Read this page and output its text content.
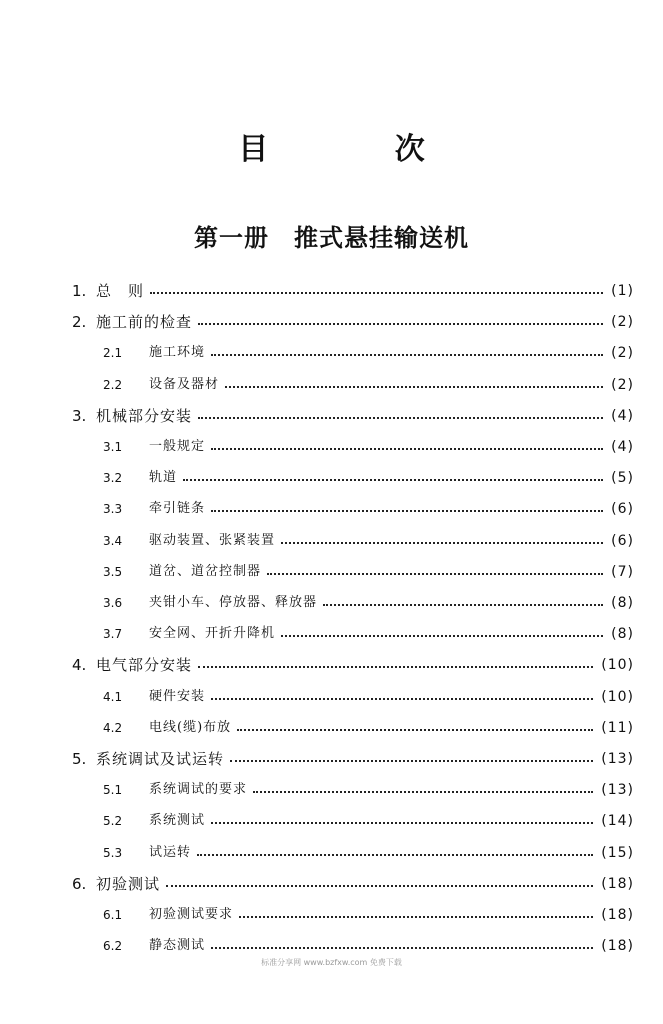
目 次
第一册　推式悬挂输送机
1. 总　则	(1)
2. 施工前的检查	(2)
2.1	施工环境	(2)
2.2	设备及器材	(2)
3. 机械部分安装	(4)
3.1	一般规定	(4)
3.2	轨道	(5)
3.3	牵引链条	(6)
3.4	驱动装置、张紧装置	(6)
3.5	道岔、道岔控制器	(7)
3.6	夹钳小车、停放器、释放器	(8)
3.7	安全网、开折升降机	(8)
4. 电气部分安装	(10)
4.1	硬件安装	(10)
4.2	电线(缆)布放	(11)
5. 系统调试及试运转	(13)
5.1	系统调试的要求	(13)
5.2	系统测试	(14)
5.3	试运转	(15)
6. 初验测试	(18)
6.1	初验测试要求	(18)
6.2	静态测试	(18)
标准分享网 www.bzfxw.com 免费下载
